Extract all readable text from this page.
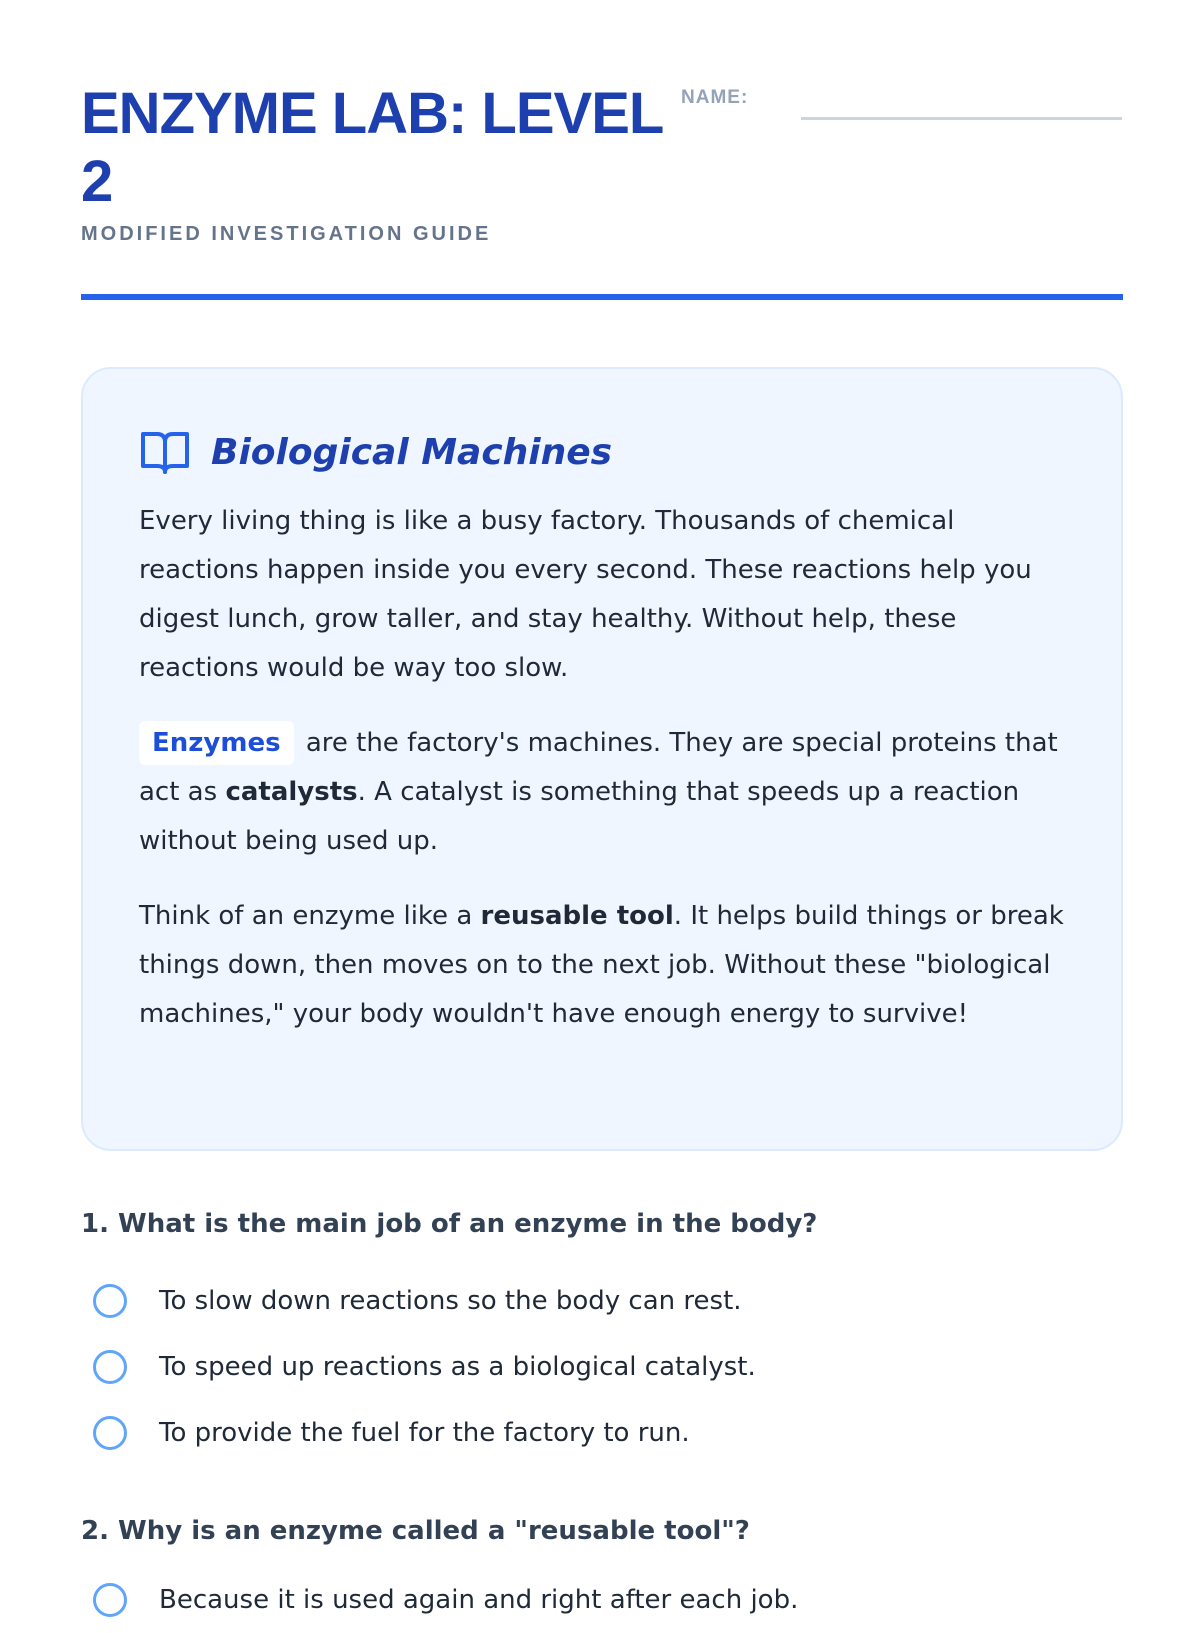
ENZYME LAB: LEVEL 2
MODIFIED INVESTIGATION GUIDE
NAME:
Biological Machines

Every living thing is like a busy factory. Thousands of chemical reactions happen inside you every second. These reactions help you digest lunch, grow taller, and stay healthy. Without help, these reactions would be way too slow.

Enzymes are the factory's machines. They are special proteins that act as catalysts. A catalyst is something that speeds up a reaction without being used up.

Think of an enzyme like a reusable tool. It helps build things or break things down, then moves on to the next job. Without these "biological machines," your body wouldn't have enough energy to survive!

1. What is the main job of an enzyme in the body?
To slow down reactions so the body can rest.
To speed up reactions as a biological catalyst.
To provide the fuel for the factory to run.
2. Why is an enzyme called a "reusable tool"?
Because it is used again and right after each job.
